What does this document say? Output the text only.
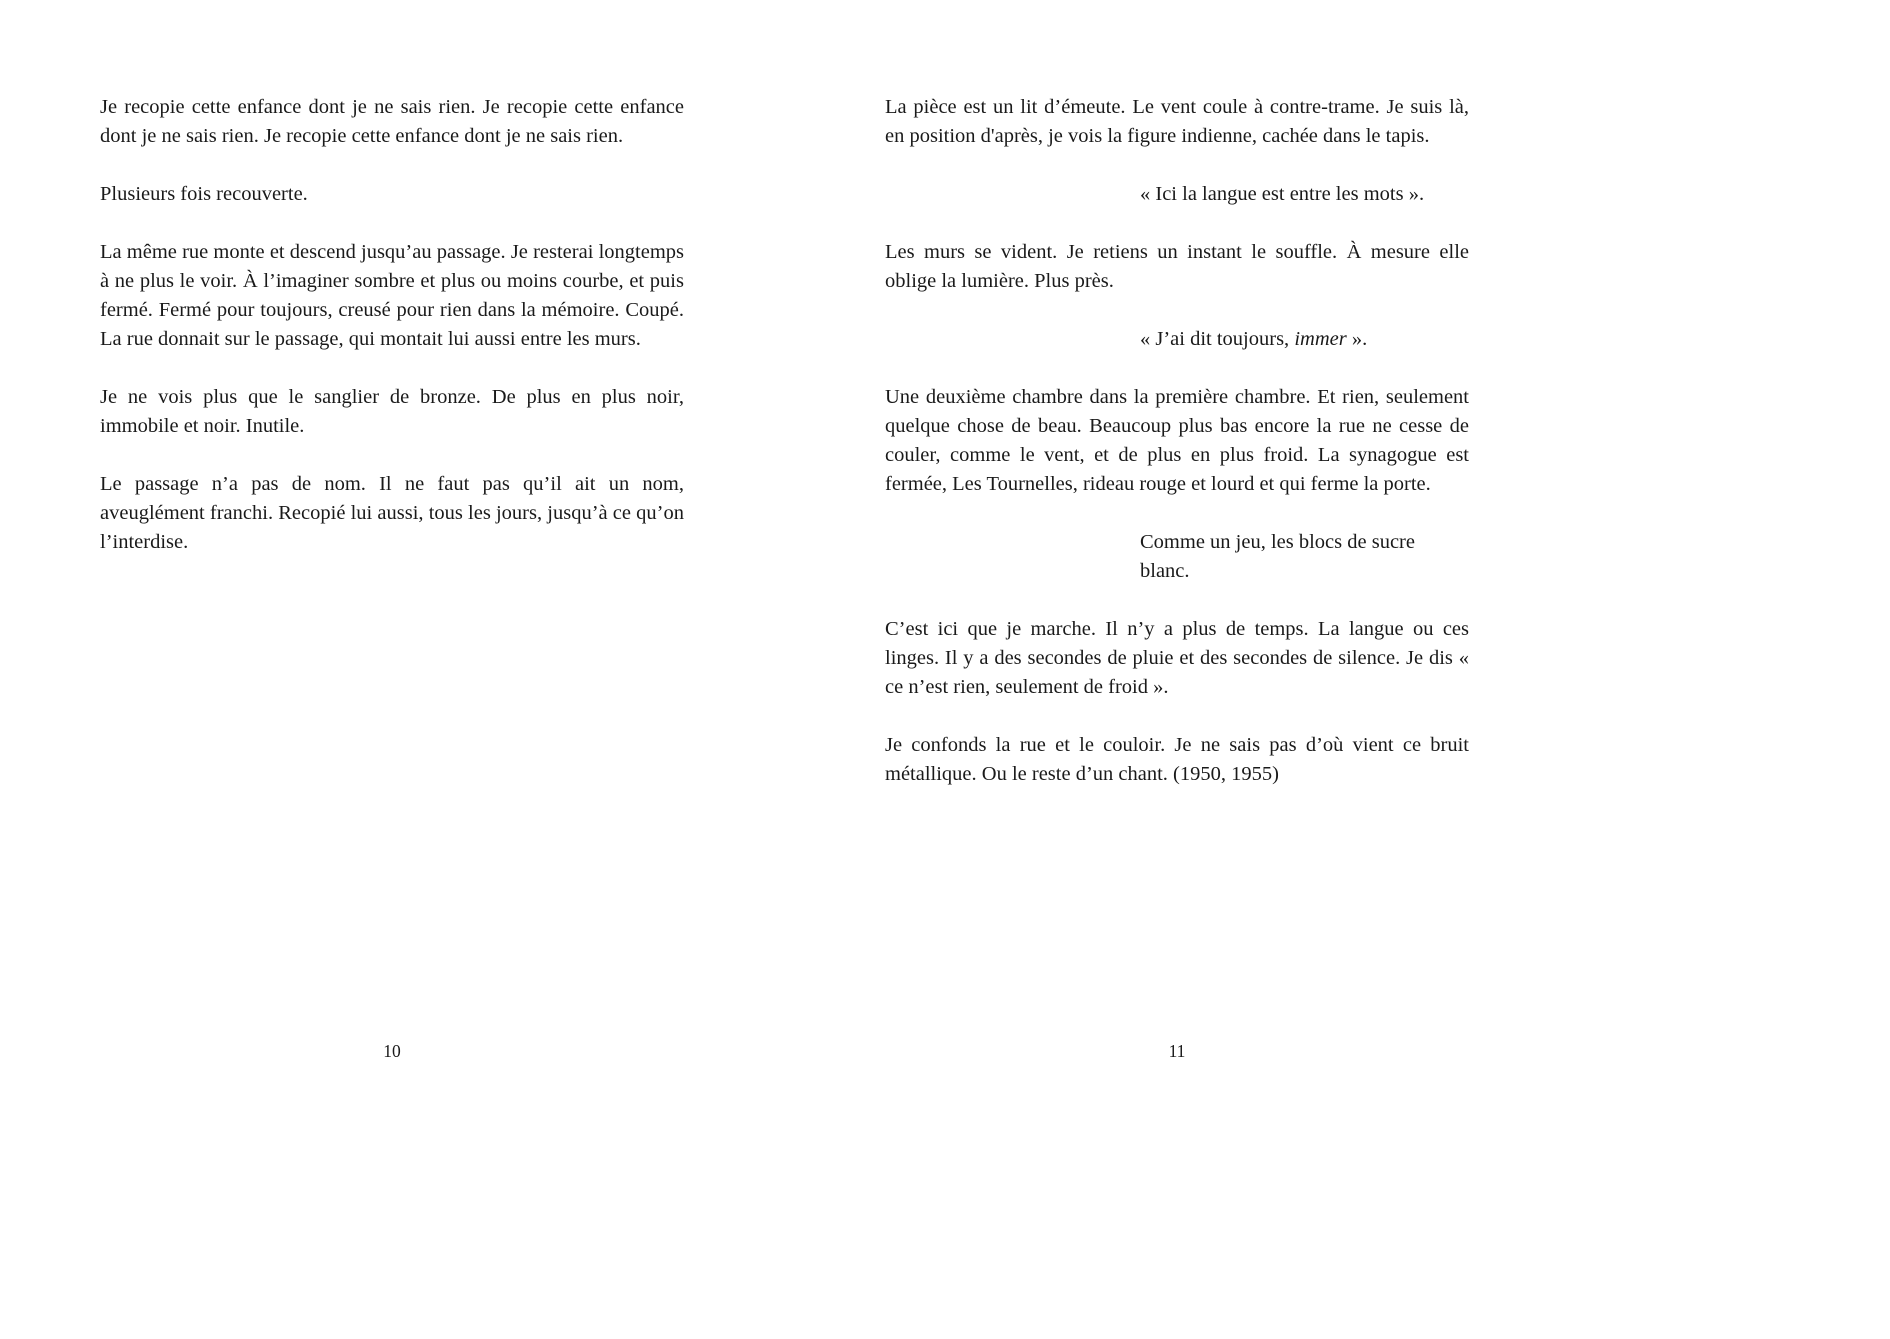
Je recopie cette enfance dont je ne sais rien. Je recopie cette enfance dont je ne sais rien. Je recopie cette enfance dont je ne sais rien.

Plusieurs fois recouverte.

La même rue monte et descend jusqu’au passage. Je resterai longtemps à ne plus le voir. À l’imaginer sombre et plus ou moins courbe, et puis fermé. Fermé pour toujours, creusé pour rien dans la mémoire. Coupé. La rue donnait sur le passage, qui montait lui aussi entre les murs.

Je ne vois plus que le sanglier de bronze. De plus en plus noir, immobile et noir. Inutile.

Le passage n’a pas de nom. Il ne faut pas qu’il ait un nom, aveuglément franchi. Recopié lui aussi, tous les jours, jusqu’à ce qu’on l’interdise.

10

La pièce est un lit d’émeute. Le vent coule à contre-trame. Je suis là, en position d'après, je vois la figure indienne, cachée dans le tapis.

« Ici la langue est entre les mots ».

Les murs se vident. Je retiens un instant le souffle. À mesure elle oblige la lumière. Plus près.

« J’ai dit toujours, immer ».

Une deuxième chambre dans la première chambre. Et rien, seulement quelque chose de beau. Beaucoup plus bas encore la rue ne cesse de couler, comme le vent, et de plus en plus froid. La synagogue est fermée, Les Tournelles, rideau rouge et lourd et qui ferme la porte.

Comme un jeu, les blocs de sucre blanc.

C’est ici que je marche. Il n’y a plus de temps. La langue ou ces linges. Il y a des secondes de pluie et des secondes de silence. Je dis « ce n’est rien, seulement de froid ».

Je confonds la rue et le couloir. Je ne sais pas d’où vient ce bruit métallique. Ou le reste d’un chant. (1950, 1955)

11
